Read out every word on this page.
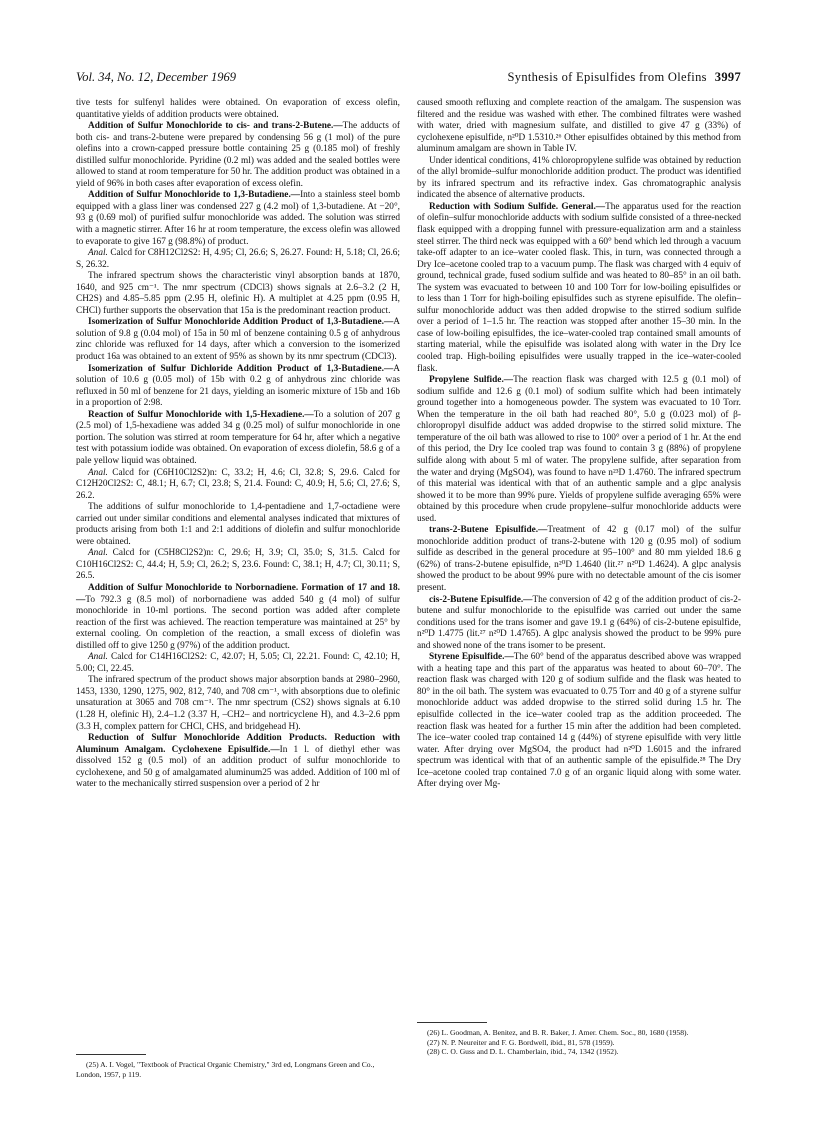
Vol. 34, No. 12, December 1969	Synthesis of Episulfides from Olefins 3997

tive tests for sulfenyl halides were obtained. On evaporation of excess olefin, quantitative yields of addition products were obtained.

Addition of Sulfur Monochloride to cis- and trans-2-Butene.—The adducts of both cis- and trans-2-butene were prepared by condensing 56 g (1 mol) of the pure olefins into a crown-capped pressure bottle containing 25 g (0.185 mol) of freshly distilled sulfur monochloride. Pyridine (0.2 ml) was added and the sealed bottles were allowed to stand at room temperature for 50 hr. The addition product was obtained in a yield of 96% in both cases after evaporation of excess olefin.

Addition of Sulfur Monochloride to 1,3-Butadiene.—Into a stainless steel bomb equipped with a glass liner was condensed 227 g (4.2 mol) of 1,3-butadiene. At −20°, 93 g (0.69 mol) of purified sulfur monochloride was added. The solution was stirred with a magnetic stirrer. After 16 hr at room temperature, the excess olefin was allowed to evaporate to give 167 g (98.8%) of product.

Anal. Calcd for C8H12Cl2S2: H, 4.95; Cl, 26.6; S, 26.27. Found: H, 5.18; Cl, 26.6; S, 26.32.

The infrared spectrum shows the characteristic vinyl absorption bands at 1870, 1640, and 925 cm⁻¹. The nmr spectrum (CDCl3) shows signals at 2.6–3.2 (2 H, CH2S) and 4.85–5.85 ppm (2.95 H, olefinic H). A multiplet at 4.25 ppm (0.95 H, CHCl) further supports the observation that 15a is the predominant reaction product.

Isomerization of Sulfur Monochloride Addition Product of 1,3-Butadiene.—A solution of 9.8 g (0.04 mol) of 15a in 50 ml of benzene containing 0.5 g of anhydrous zinc chloride was refluxed for 14 days, after which a conversion to the isomerized product 16a was obtained to an extent of 95% as shown by its nmr spectrum (CDCl3).

Isomerization of Sulfur Dichloride Addition Product of 1,3-Butadiene.—A solution of 10.6 g (0.05 mol) of 15b with 0.2 g of anhydrous zinc chloride was refluxed in 50 ml of benzene for 21 days, yielding an isomeric mixture of 15b and 16b in a proportion of 2:98.

Reaction of Sulfur Monochloride with 1,5-Hexadiene.—To a solution of 207 g (2.5 mol) of 1,5-hexadiene was added 34 g (0.25 mol) of sulfur monochloride in one portion. The solution was stirred at room temperature for 64 hr, after which a negative test with potassium iodide was obtained. On evaporation of excess diolefin, 58.6 g of a pale yellow liquid was obtained.

Anal. Calcd for (C6H10Cl2S2)n: C, 33.2; H, 4.6; Cl, 32.8; S, 29.6. Calcd for C12H20Cl2S2: C, 48.1; H, 6.7; Cl, 23.8; S, 21.4. Found: C, 40.9; H, 5.6; Cl, 27.6; S, 26.2.

The additions of sulfur monochloride to 1,4-pentadiene and 1,7-octadiene were carried out under similar conditions and elemental analyses indicated that mixtures of products arising from both 1:1 and 2:1 additions of diolefin and sulfur monochloride were obtained.

Anal. Calcd for (C5H8Cl2S2)n: C, 29.6; H, 3.9; Cl, 35.0; S, 31.5. Calcd for C10H16Cl2S2: C, 44.4; H, 5.9; Cl, 26.2; S, 23.6. Found: C, 38.1; H, 4.7; Cl, 30.11; S, 26.5.

Addition of Sulfur Monochloride to Norbornadiene. Formation of 17 and 18.—To 792.3 g (8.5 mol) of norbornadiene was added 540 g (4 mol) of sulfur monochloride in 10-ml portions. The second portion was added after complete reaction of the first was achieved. The reaction temperature was maintained at 25° by external cooling. On completion of the reaction, a small excess of diolefin was distilled off to give 1250 g (97%) of the addition product.

Anal. Calcd for C14H16Cl2S2: C, 42.07; H, 5.05; Cl, 22.21. Found: C, 42.10; H, 5.00; Cl, 22.45.

The infrared spectrum of the product shows major absorption bands at 2980–2960, 1453, 1330, 1290, 1275, 902, 812, 740, and 708 cm⁻¹, with absorptions due to olefinic unsaturation at 3065 and 708 cm⁻¹. The nmr spectrum (CS2) shows signals at 6.10 (1.28 H, olefinic H), 2.4–1.2 (3.37 H, –CH2– and nortricyclene H), and 4.3–2.6 ppm (3.3 H, complex pattern for CHCl, CHS, and bridgehead H).

Reduction of Sulfur Monochloride Addition Products. Reduction with Aluminum Amalgam. Cyclohexene Episulfide.—In 1 l. of diethyl ether was dissolved 152 g (0.5 mol) of an addition product of sulfur monochloride to cyclohexene, and 50 g of amalgamated aluminum25 was added. Addition of 100 ml of water to the mechanically stirred suspension over a period of 2 hr

caused smooth refluxing and complete reaction of the amalgam. The suspension was filtered and the residue was washed with ether. The combined filtrates were washed with water, dried with magnesium sulfate, and distilled to give 47 g (33%) of cyclohexene episulfide, n²⁰D 1.5310.²⁶ Other episulfides obtained by this method from aluminum amalgam are shown in Table IV.

Under identical conditions, 41% chloropropylene sulfide was obtained by reduction of the allyl bromide–sulfur monochloride addition product. The product was identified by its infrared spectrum and its refractive index. Gas chromatographic analysis indicated the absence of alternative products.

Reduction with Sodium Sulfide. General.—The apparatus used for the reaction of olefin–sulfur monochloride adducts with sodium sulfide consisted of a three-necked flask equipped with a dropping funnel with pressure-equalization arm and a stainless steel stirrer. The third neck was equipped with a 60° bend which led through a vacuum take-off adapter to an ice–water cooled flask. This, in turn, was connected through a Dry Ice–acetone cooled trap to a vacuum pump. The flask was charged with 4 equiv of ground, technical grade, fused sodium sulfide and was heated to 80–85° in an oil bath. The system was evacuated to between 10 and 100 Torr for low-boiling episulfides or to less than 1 Torr for high-boiling episulfides such as styrene episulfide. The olefin–sulfur monochloride adduct was then added dropwise to the stirred sodium sulfide over a period of 1–1.5 hr. The reaction was stopped after another 15–30 min. In the case of low-boiling episulfides, the ice–water-cooled trap contained small amounts of starting material, while the episulfide was isolated along with water in the Dry Ice cooled trap. High-boiling episulfides were usually trapped in the ice–water-cooled flask.

Propylene Sulfide.—The reaction flask was charged with 12.5 g (0.1 mol) of sodium sulfide and 12.6 g (0.1 mol) of sodium sulfite which had been intimately ground together into a homogeneous powder. The system was evacuated to 10 Torr. When the temperature in the oil bath had reached 80°, 5.0 g (0.023 mol) of β-chloropropyl disulfide adduct was added dropwise to the stirred solid mixture. The temperature of the oil bath was allowed to rise to 100° over a period of 1 hr. At the end of this period, the Dry Ice cooled trap was found to contain 3 g (88%) of propylene sulfide along with about 5 ml of water. The propylene sulfide, after separation from the water and drying (MgSO4), was found to have n²³D 1.4760. The infrared spectrum of this material was identical with that of an authentic sample and a glpc analysis showed it to be more than 99% pure. Yields of propylene sulfide averaging 65% were obtained by this procedure when crude propylene–sulfur monochloride adducts were used.

trans-2-Butene Episulfide.—Treatment of 42 g (0.17 mol) of the sulfur monochloride addition product of trans-2-butene with 120 g (0.95 mol) of sodium sulfide as described in the general procedure at 95–100° and 80 mm yielded 18.6 g (62%) of trans-2-butene episulfide, n²⁰D 1.4640 (lit.²⁷ n²⁰D 1.4624). A glpc analysis showed the product to be about 99% pure with no detectable amount of the cis isomer present.

cis-2-Butene Episulfide.—The conversion of 42 g of the addition product of cis-2-butene and sulfur monochloride to the episulfide was carried out under the same conditions used for the trans isomer and gave 19.1 g (64%) of cis-2-butene episulfide, n²⁰D 1.4775 (lit.²⁷ n²⁰D 1.4765). A glpc analysis showed the product to be 99% pure and showed none of the trans isomer to be present.

Styrene Episulfide.—The 60° bend of the apparatus described above was wrapped with a heating tape and this part of the apparatus was heated to about 60–70°. The reaction flask was charged with 120 g of sodium sulfide and the flask was heated to 80° in the oil bath. The system was evacuated to 0.75 Torr and 40 g of a styrene sulfur monochloride adduct was added dropwise to the stirred solid during 1.5 hr. The episulfide collected in the ice–water cooled trap as the addition proceeded. The reaction flask was heated for a further 15 min after the addition had been completed. The ice–water cooled trap contained 14 g (44%) of styrene episulfide with very little water. After drying over MgSO4, the product had n²⁰D 1.6015 and the infrared spectrum was identical with that of an authentic sample of the episulfide.²⁸ The Dry Ice–acetone cooled trap contained 7.0 g of an organic liquid along with some water. After drying over Mg-

(25) A. I. Vogel, "Textbook of Practical Organic Chemistry," 3rd ed, Longmans Green and Co., London, 1957, p 119.

(26) L. Goodman, A. Benitez, and B. R. Baker, J. Amer. Chem. Soc., 80, 1680 (1958).

(27) N. P. Neureiter and F. G. Bordwell, ibid., 81, 578 (1959).

(28) C. O. Guss and D. L. Chamberlain, ibid., 74, 1342 (1952).
